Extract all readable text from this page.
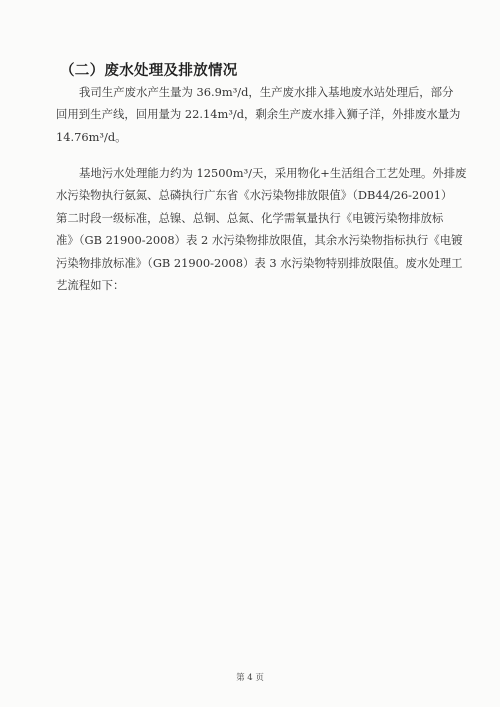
（二）废水处理及排放情况
我司生产废水产生量为 36.9m³/d，生产废水排入基地废水站处理后，部分
回用到生产线，回用量为 22.14m³/d，剩余生产废水排入狮子洋，外排废水量为
14.76m³/d。
基地污水处理能力约为 12500m³/天，采用物化+生活组合工艺处理。外排废
水污染物执行氨氮、总磷执行广东省《水污染物排放限值》（DB44/26-2001）
第二时段一级标准，总镍、总铜、总氮、化学需氧量执行《电镀污染物排放标
准》（GB 21900-2008）表 2 水污染物排放限值，其余水污染物指标执行《电镀
污染物排放标准》（GB 21900-2008）表 3 水污染物特别排放限值。废水处理工
艺流程如下：
第 4 页
